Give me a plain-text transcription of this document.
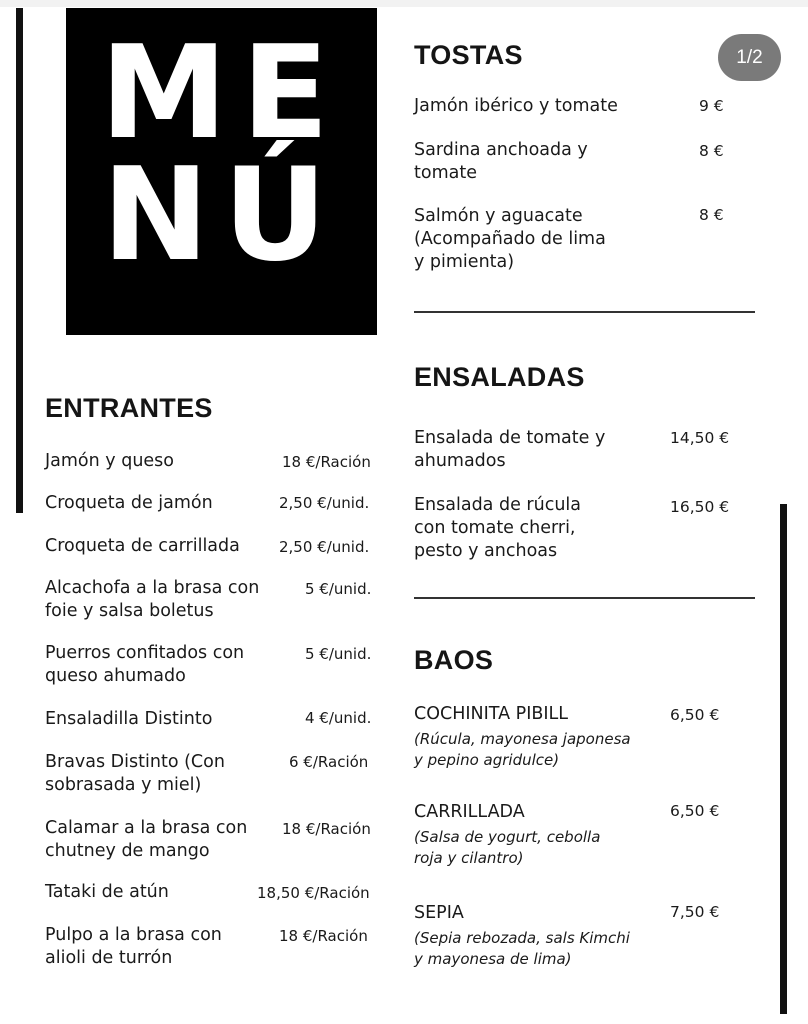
ME
NÚ
1/2
ENTRANTES
Jamón y queso	18 €/Ración
Croqueta de jamón	2,50 €/unid.
Croqueta de carrillada	2,50 €/unid.
Alcachofa a la brasa con
foie y salsa boletus
5 €/unid.
Puerros confitados con
queso ahumado
5 €/unid.
Ensaladilla Distinto	4 €/unid.
Bravas Distinto (Con
sobrasada y miel)
6 €/Ración
Calamar a la brasa con
chutney de mango
18 €/Ración
Tataki de atún	18,50 €/Ración
Pulpo a la brasa con
alioli de turrón
18 €/Ración
TOSTAS
Jamón ibérico y tomate	9 €
Sardina anchoada y
tomate
8 €
Salmón y aguacate
(Acompañado de lima
y pimienta)
8 €
ENSALADAS
Ensalada de tomate y
ahumados
14,50 €
Ensalada de rúcula
con tomate cherri,
pesto y anchoas
16,50 €
BAOS
COCHINITA PIBILL
(Rúcula, mayonesa japonesa
y pepino agridulce)
6,50 €
CARRILLADA
(Salsa de yogurt, cebolla
roja y cilantro)
6,50 €
SEPIA
(Sepia rebozada, sals Kimchi
y mayonesa de lima)
7,50 €
